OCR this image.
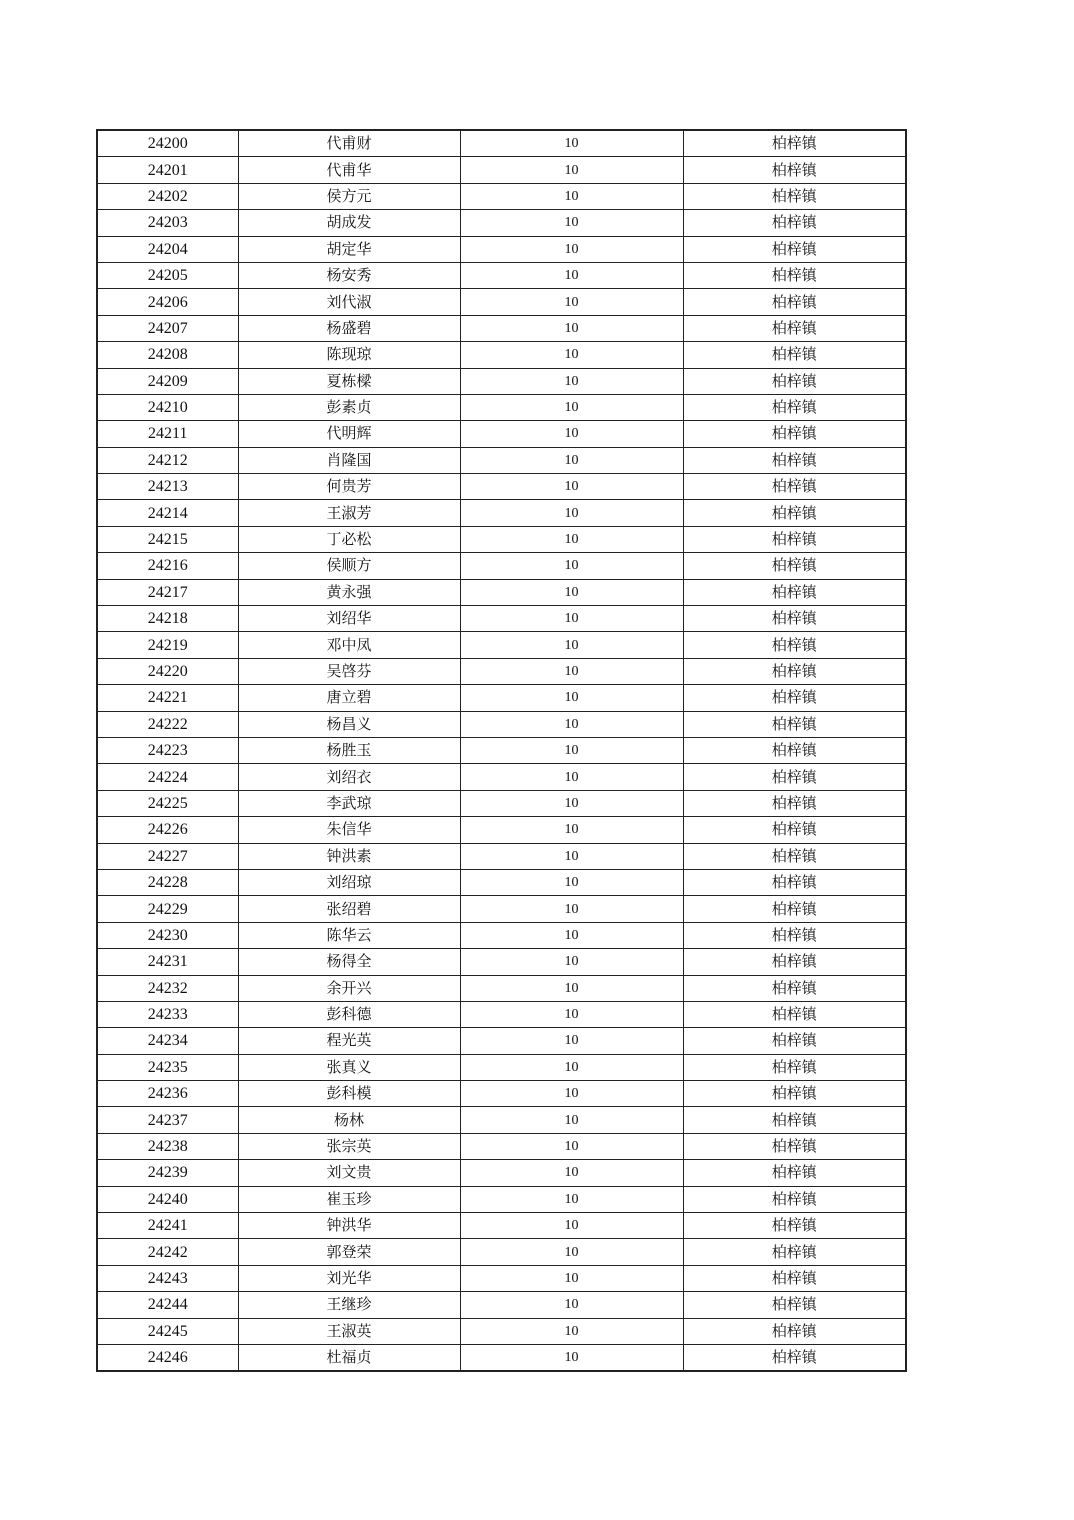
24200	代甫财	10	柏梓镇
24201	代甫华	10	柏梓镇
24202	侯方元	10	柏梓镇
24203	胡成发	10	柏梓镇
24204	胡定华	10	柏梓镇
24205	杨安秀	10	柏梓镇
24206	刘代淑	10	柏梓镇
24207	杨盛碧	10	柏梓镇
24208	陈现琼	10	柏梓镇
24209	夏栋樑	10	柏梓镇
24210	彭素贞	10	柏梓镇
24211	代明辉	10	柏梓镇
24212	肖隆国	10	柏梓镇
24213	何贵芳	10	柏梓镇
24214	王淑芳	10	柏梓镇
24215	丁必松	10	柏梓镇
24216	侯顺方	10	柏梓镇
24217	黄永强	10	柏梓镇
24218	刘绍华	10	柏梓镇
24219	邓中凤	10	柏梓镇
24220	吴啓芬	10	柏梓镇
24221	唐立碧	10	柏梓镇
24222	杨昌义	10	柏梓镇
24223	杨胜玉	10	柏梓镇
24224	刘绍衣	10	柏梓镇
24225	李武琼	10	柏梓镇
24226	朱信华	10	柏梓镇
24227	钟洪素	10	柏梓镇
24228	刘绍琼	10	柏梓镇
24229	张绍碧	10	柏梓镇
24230	陈华云	10	柏梓镇
24231	杨得全	10	柏梓镇
24232	余开兴	10	柏梓镇
24233	彭科德	10	柏梓镇
24234	程光英	10	柏梓镇
24235	张真义	10	柏梓镇
24236	彭科模	10	柏梓镇
24237	杨林	10	柏梓镇
24238	张宗英	10	柏梓镇
24239	刘文贵	10	柏梓镇
24240	崔玉珍	10	柏梓镇
24241	钟洪华	10	柏梓镇
24242	郭登荣	10	柏梓镇
24243	刘光华	10	柏梓镇
24244	王继珍	10	柏梓镇
24245	王淑英	10	柏梓镇
24246	杜福贞	10	柏梓镇
